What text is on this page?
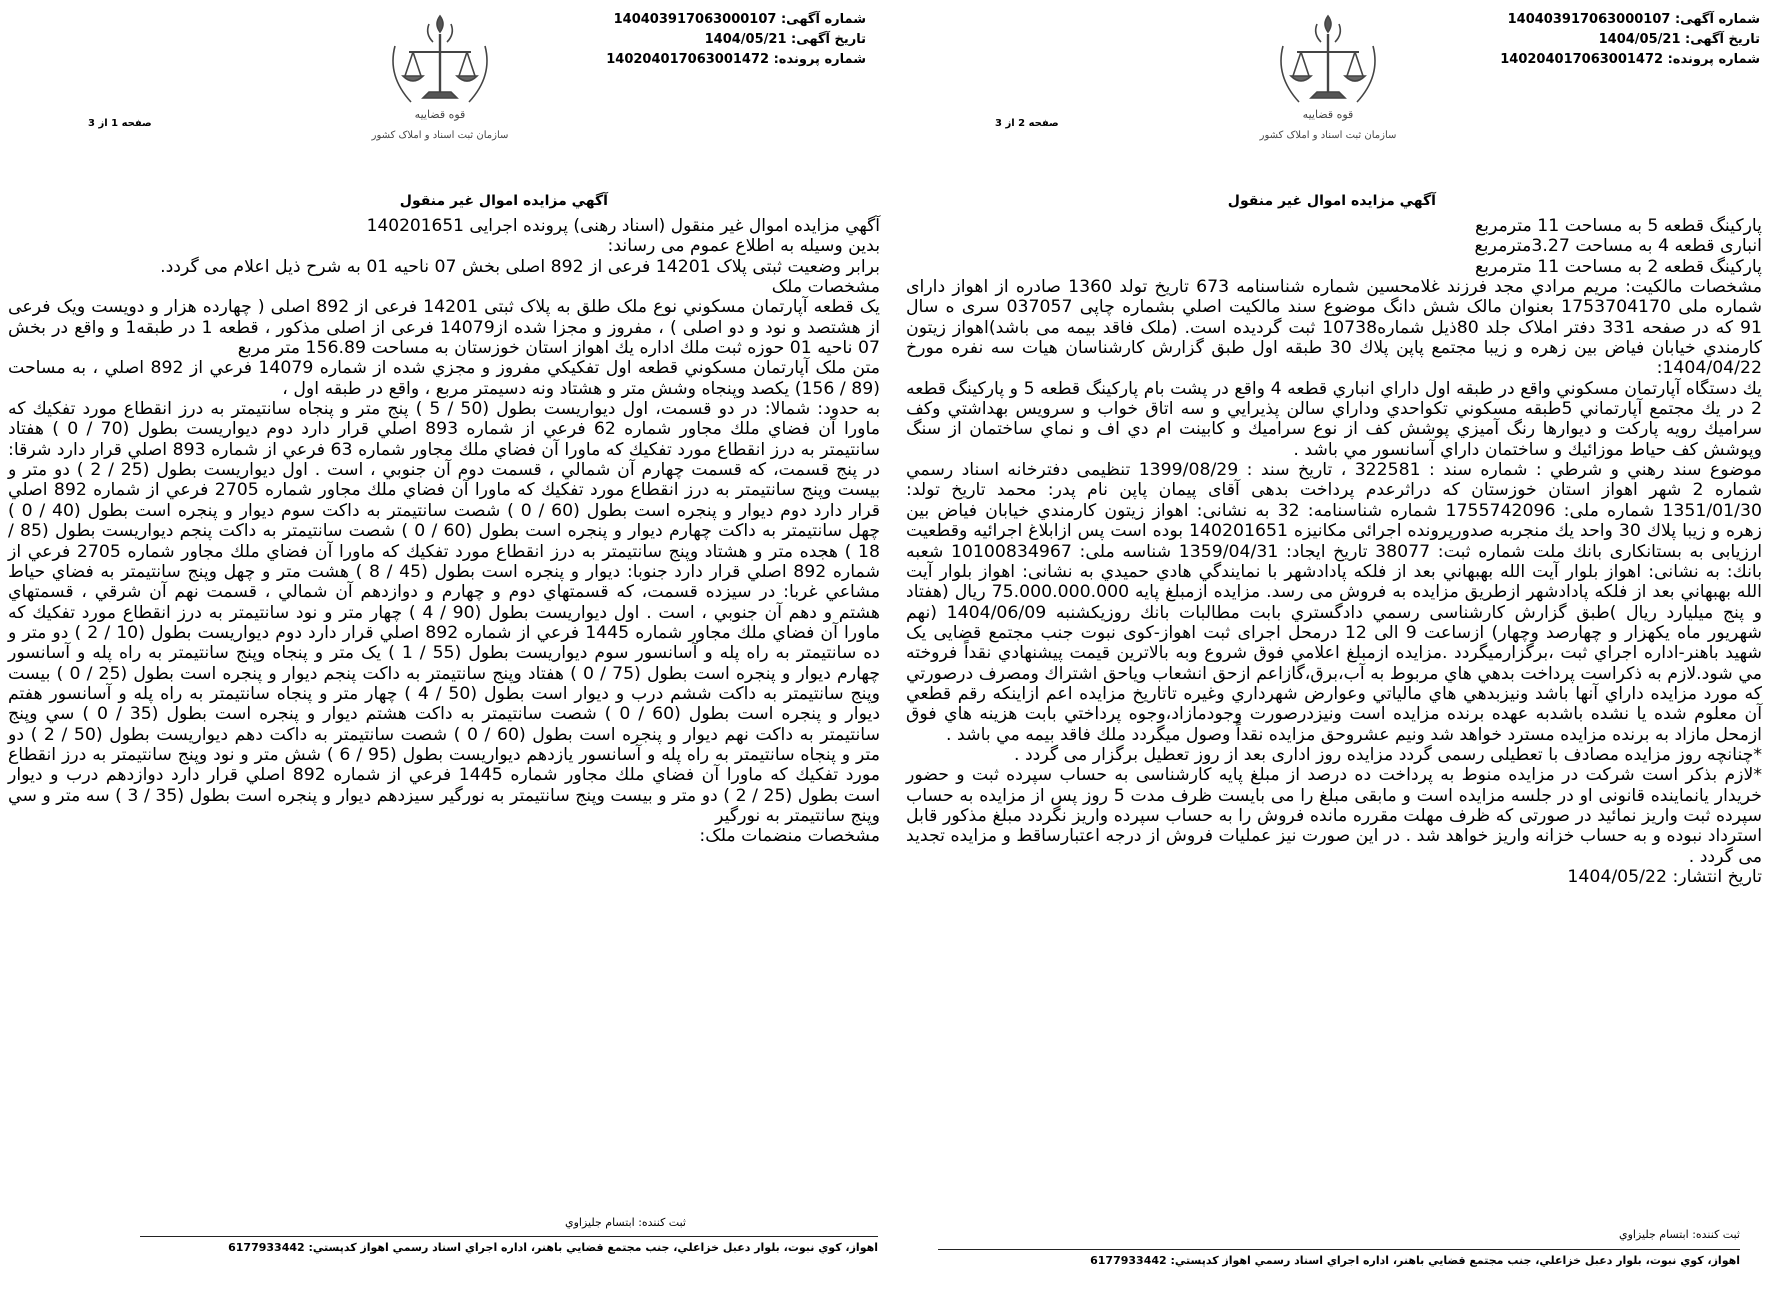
شماره آگهی: 140403917063000107
تاریخ آگهی: 1404/05/21
شماره پرونده: 140204017063001472
قوه قضاییه
سازمان ثبت اسناد و املاک کشور
صفحه 2 از 3
آگهي مزايده اموال غير منقول

پارکینگ قطعه 5 به مساحت 11 مترمربع

انباری قطعه 4 به مساحت 3.27مترمربع

پارکینگ قطعه 2 به مساحت 11 مترمربع

مشخصات مالکیت: مريم مرادي مجد فرزند غلامحسين شماره شناسنامه 673 تاريخ تولد 1360 صادره از اهواز دارای شماره ملی 1753704170 بعنوان مالک شش دانگ موضوع سند مالكيت اصلي بشماره چاپی 037057 سری ه سال 91 که در صفحه 331 دفتر املاک جلد 80ذيل شماره10738 ثبت گرديده است. (ملک فاقد بیمه می باشد)اهواز زيتون كارمندي خيابان فياض بين زهره و زيبا مجتمع پاپن پلاك 30 طبقه اول طبق گزارش کارشناسان هيات سه نفره مورخ 1404/04/22:

يك دستگاه آپارتمان مسكوني واقع در طبقه اول داراي انباري قطعه 4 واقع در پشت بام پاركينگ قطعه 5 و پاركينگ قطعه 2 در يك مجتمع آپارتماني 5طبقه مسكوني تكواحدي وداراي سالن پذيرايي و سه اتاق خواب و سرويس بهداشتي وكف سراميك رويه پاركت و ديوارها رنگ آميزي پوشش كف از نوع سراميك و كابينت ام دي اف و نماي ساختمان از سنگ وپوشش كف حياط موزائيك و ساختمان داراي آسانسور مي باشد .

موضوع سند رهني و شرطي : شماره سند : 322581 ، تاريخ سند : 1399/08/29 تنظيمی دفترخانه اسناد رسمي شماره 2 شهر اهواز استان خوزستان كه دراثرعدم پرداخت بدهی آقای پيمان پاپن نام پدر: محمد تاريخ تولد: 1351/01/30 شماره ملی: 1755742096 شماره شناسنامه: 32 به نشانی: اهواز زيتون كارمندي خيابان فياض بين زهره و زيبا پلاك 30 واحد يك منجربه صدورپرونده اجرائی مكانيزه 140201651 بوده است پس ازابلاغ اجرائيه وقطعيت ارزيابی به بستانكاری بانك ملت شماره ثبت: 38077 تاريخ ايجاد: 1359/04/31 شناسه ملی: 10100834967 شعبه بانك: به نشانی: اهواز بلوار آيت الله بهبهاني بعد از فلكه پادادشهر با نمايندگي هادي حميدي به نشانی: اهواز بلوار آيت الله بهبهاني بعد از فلكه پادادشهر ازطريق مزايده به فروش می رسد. مزايده ازمبلغ پايه 75.000.000.000 ريال (هفتاد و پنج ميليارد ريال )طبق گزارش كارشناسی رسمي دادگستري بابت مطالبات بانك روزيكشنبه 1404/06/09 (نهم شهريور ماه يكهزار و چهارصد وچهار) ازساعت 9 الی 12 درمحل اجرای ثبت اهواز-كوی نبوت جنب مجتمع قضايی يک شهيد باهنر-اداره اجراي ثبت ،برگزارميگردد .مزايده ازمبلغ اعلامي فوق شروع وبه بالاترين قيمت پيشنهادي نقداً فروخته مي شود.لازم به ذكراست پرداخت بدهي هاي مربوط به آب،برق،گازاعم ازحق انشعاب وياحق اشتراك ومصرف درصورتي كه مورد مزايده داراي آنها باشد ونيزبدهي هاي مالياتي وعوارض شهرداري وغيره تاتاريخ مزايده اعم ازاينكه رقم قطعي آن معلوم شده يا نشده باشدبه عهده برنده مزايده است ونيزدرصورت وجودمازاد،وجوه پرداختي بابت هزينه هاي فوق ازمحل مازاد به برنده مزايده مسترد خواهد شد ونيم عشروحق مزايده نقداً وصول ميگردد ملك فاقد بيمه مي باشد .

*چنانچه روز مزايده مصادف با تعطيلی رسمی گردد مزايده روز اداری بعد از روز تعطيل برگزار می گردد .

*لازم بذکر است شرکت در مزايده منوط به پرداخت ده درصد از مبلغ پايه کارشناسی به حساب سپرده ثبت و حضور خريدار يانماينده قانونی او در جلسه مزايده است و مابقی مبلغ را می بايست ظرف مدت 5 روز پس از مزايده به حساب سپرده ثبت واريز نمائيد در صورتی که ظرف مهلت مقرره مانده فروش را به حساب سپرده واريز نگردد مبلغ مذکور قابل استرداد نبوده و به حساب خزانه واريز خواهد شد . در اين صورت نيز عمليات فروش از درجه اعتبارساقط و مزايده تجديد می گردد .

تاريخ انتشار: 1404/05/22

ثبت كننده: ابتسام جليزاوي
اهواز، كوي نبوت، بلوار دعبل خزاعلي، جنب مجتمع قضايي باهنر، اداره اجراي اسناد رسمي اهواز كدپستي: 6177933442
شماره آگهی: 140403917063000107
تاریخ آگهی: 1404/05/21
شماره پرونده: 140204017063001472
قوه قضاییه
سازمان ثبت اسناد و املاک کشور
صفحه 1 از 3
آگهي مزايده اموال غير منقول

آگهي مزايده اموال غير منقول (اسناد رهنی) پرونده اجرايی 140201651

بدين وسيله به اطلاع عموم می رساند:

برابر وضعيت ثبتی پلاک 14201 فرعی از 892 اصلی بخش 07 ناحيه 01 به شرح ذيل اعلام می گردد.

مشخصات ملک

يک قطعه آپارتمان مسكوني نوع ملک طلق به پلاک ثبتی 14201 فرعی از 892 اصلی ( چهارده هزار و دويست ويک فرعی از هشتصد و نود و دو اصلی ) ، مفروز و مجزا شده از14079 فرعی از اصلی مذکور ، قطعه 1 در طبقه1 و واقع در بخش 07 ناحيه 01 حوزه ثبت ملك اداره يك اهواز استان خوزستان به مساحت 156.89 متر مربع

متن ملک آپارتمان مسكوني قطعه اول تفكيكي مفروز و مجزي شده از شماره 14079 فرعي از 892 اصلي ، به مساحت (89 / 156) يكصد وپنجاه وشش متر و هشتاد ونه دسيمتر مربع ، واقع در طبقه اول ،

به حدود: شمالا: در دو قسمت، اول ديواريست بطول (50 / 5 ) پنج متر و پنجاه سانتيمتر به درز انقطاع مورد تفكيك كه ماورا آن فضاي ملك مجاور شماره 62 فرعي از شماره 893 اصلي قرار دارد دوم ديواريست بطول (70 / 0 ) هفتاد سانتيمتر به درز انقطاع مورد تفكيك كه ماورا آن فضاي ملك مجاور شماره 63 فرعي از شماره 893 اصلي قرار دارد شرقا: در پنج قسمت، كه قسمت چهارم آن شمالي ، قسمت دوم آن جنوبي ، است . اول ديواريست بطول (25 / 2 ) دو متر و بيست وپنج سانتيمتر به درز انقطاع مورد تفكيك كه ماورا آن فضاي ملك مجاور شماره 2705 فرعي از شماره 892 اصلي قرار دارد دوم ديوار و پنجره است بطول (60 / 0 ) شصت سانتيمتر به داكت سوم ديوار و پنجره است بطول (40 / 0 ) چهل سانتيمتر به داكت چهارم ديوار و پنجره است بطول (60 / 0 ) شصت سانتيمتر به داكت پنجم ديواريست بطول (85 / 18 ) هجده متر و هشتاد وپنج سانتيمتر به درز انقطاع مورد تفكيك كه ماورا آن فضاي ملك مجاور شماره 2705 فرعي از شماره 892 اصلي قرار دارد جنوبا: ديوار و پنجره است بطول (45 / 8 ) هشت متر و چهل وپنج سانتيمتر به فضاي حياط مشاعي غربا: در سيزده قسمت، كه قسمتهاي دوم و چهارم و دوازدهم آن شمالي ، قسمت نهم آن شرقي ، قسمتهاي هشتم و دهم آن جنوبي ، است . اول ديواريست بطول (90 / 4 ) چهار متر و نود سانتيمتر به درز انقطاع مورد تفكيك كه ماورا آن فضاي ملك مجاور شماره 1445 فرعي از شماره 892 اصلي قرار دارد دوم ديواريست بطول (10 / 2 ) دو متر و ده سانتيمتر به راه پله و آسانسور سوم ديواريست بطول (55 / 1 ) يک متر و پنجاه وپنج سانتيمتر به راه پله و آسانسور چهارم ديوار و پنجره است بطول (75 / 0 ) هفتاد وپنج سانتيمتر به داكت پنجم ديوار و پنجره است بطول (25 / 0 ) بيست وپنج سانتيمتر به داكت ششم درب و ديوار است بطول (50 / 4 ) چهار متر و پنجاه سانتيمتر به راه پله و آسانسور هفتم ديوار و پنجره است بطول (60 / 0 ) شصت سانتيمتر به داكت هشتم ديوار و پنجره است بطول (35 / 0 ) سي وپنج سانتيمتر به داكت نهم ديوار و پنجره است بطول (60 / 0 ) شصت سانتيمتر به داكت دهم ديواريست بطول (50 / 2 ) دو متر و پنجاه سانتيمتر به راه پله و آسانسور يازدهم ديواريست بطول (95 / 6 ) شش متر و نود وپنج سانتيمتر به درز انقطاع مورد تفكيك كه ماورا آن فضاي ملك مجاور شماره 1445 فرعي از شماره 892 اصلي قرار دارد دوازدهم درب و ديوار است بطول (25 / 2 ) دو متر و بيست وپنج سانتيمتر به نورگير سيزدهم ديوار و پنجره است بطول (35 / 3 ) سه متر و سي وپنج سانتيمتر به نورگير

مشخصات منضمات ملک:

ثبت كننده: ابتسام جليزاوي
اهواز، كوي نبوت، بلوار دعبل خزاعلي، جنب مجتمع قضايي باهنر، اداره اجراي اسناد رسمي اهواز كدپستي: 6177933442
